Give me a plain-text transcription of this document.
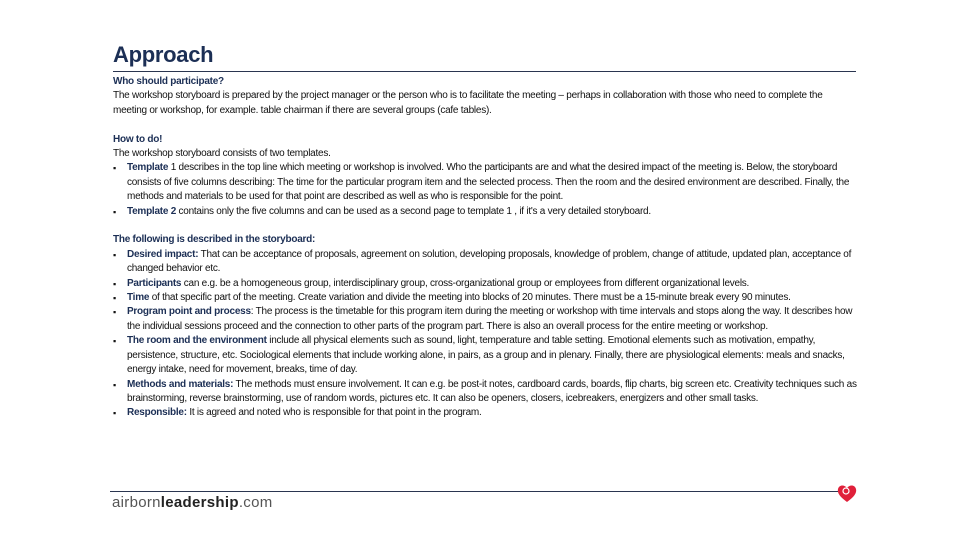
Approach

Who should participate?

The workshop storyboard is prepared by the project manager or the person who is to facilitate the meeting – perhaps in collaboration with those who need to complete the meeting or workshop, for example. table chairman if there are several groups (cafe tables).

How to do!

The workshop storyboard consists of two templates.

▪ Template 1 describes in the top line which meeting or workshop is involved. Who the participants are and what the desired impact of the meeting is. Below, the storyboard consists of five columns describing: The time for the particular program item and the selected process. Then the room and the desired environment are described. Finally, the methods and materials to be used for that point are described as well as who is responsible for the point.
▪ Template 2 contains only the five columns and can be used as a second page to template 1 , if it's a very detailed storyboard.

The following is described in the storyboard:

▪ Desired impact: That can be acceptance of proposals, agreement on solution, developing proposals, knowledge of problem, change of attitude, updated plan, acceptance of changed behavior etc.
▪ Participants can e.g. be a homogeneous group, interdisciplinary group, cross-organizational group or employees from different organizational levels.
▪ Time of that specific part of the meeting. Create variation and divide the meeting into blocks of 20 minutes. There must be a 15-minute break every 90 minutes.
▪ Program point and process: The process is the timetable for this program item during the meeting or workshop with time intervals and stops along the way. It describes how the individual sessions proceed and the connection to other parts of the program part. There is also an overall process for the entire meeting or workshop.
▪ The room and the environment include all physical elements such as sound, light, temperature and table setting. Emotional elements such as motivation, empathy, persistence, structure, etc. Sociological elements that include working alone, in pairs, as a group and in plenary. Finally, there are physiological elements: meals and snacks, energy intake, need for movement, breaks, time of day.
▪ Methods and materials: The methods must ensure involvement. It can e.g. be post-it notes, cardboard cards, boards, flip charts, big screen etc. Creativity techniques such as brainstorming, reverse brainstorming, use of random words, pictures etc. It can also be openers, closers, icebreakers, energizers and other small tasks.
▪ Responsible: It is agreed and noted who is responsible for that point in the program.
airbornleadership.com
